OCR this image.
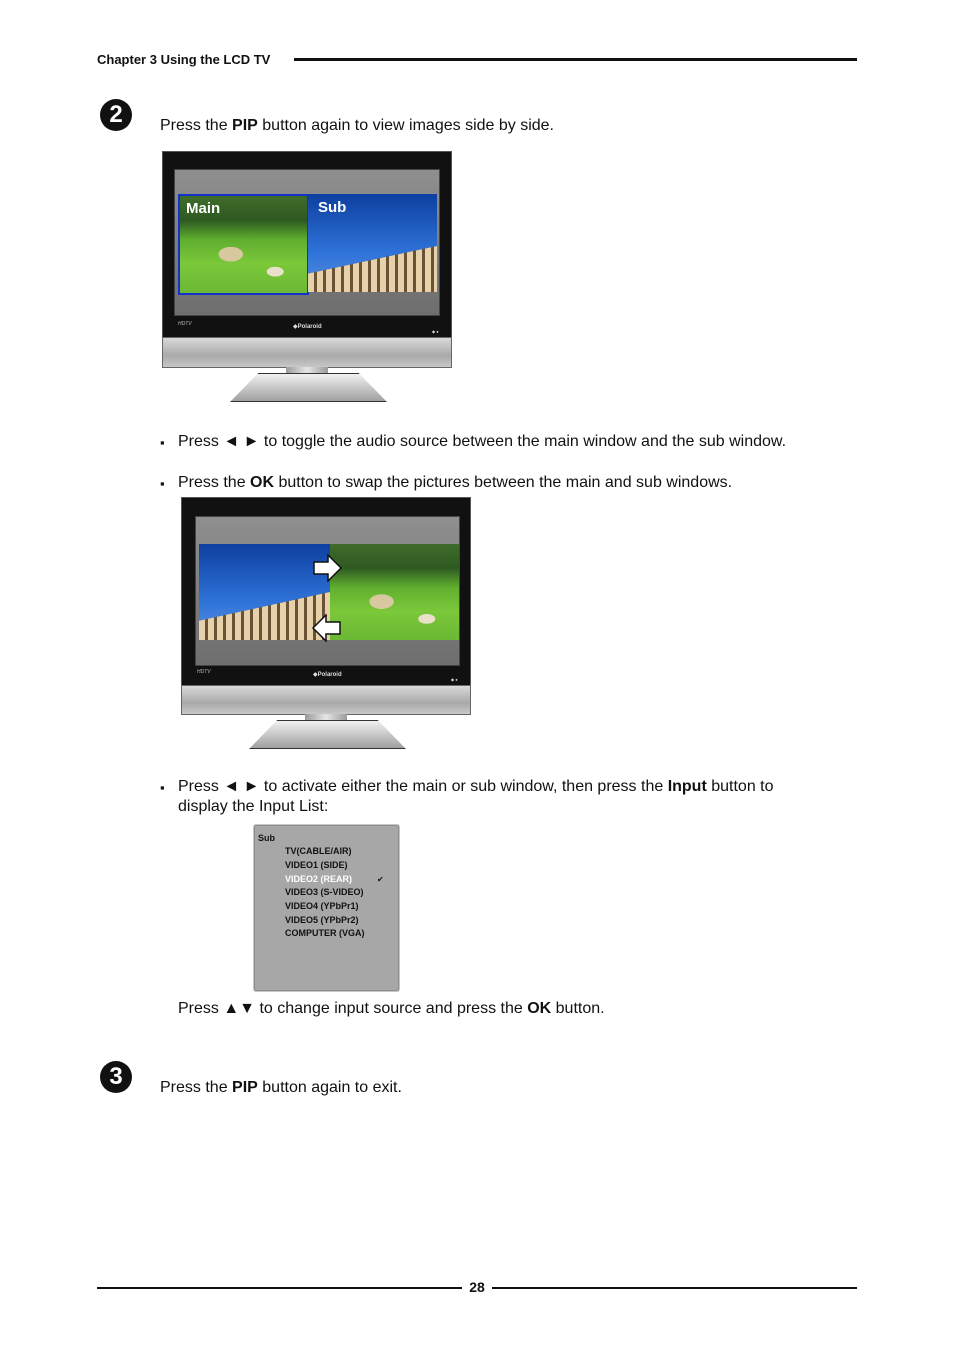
Chapter 3 Using the LCD TV
2	Press the PIP button again to view images side by side.
Main	Sub
HDTV	◆Polaroid
◆ ●
▪ Press ◄ ► to toggle the audio source between the main window and the sub window.
▪ Press the OK button to swap the pictures between the main and sub windows.
HDTV	◆Polaroid
◆ ●
▪ Press ◄ ► to activate either the main or sub window, then press the Input button to
display the Input List:
Sub
TV(CABLE/AIR)
VIDEO1 (SIDE)
VIDEO2 (REAR)	✔
VIDEO3 (S-VIDEO)
VIDEO4 (YPbPr1)
VIDEO5 (YPbPr2)
COMPUTER (VGA)
Press ▲▼ to change input source and press the OK button.
3	Press the PIP button again to exit.
28
